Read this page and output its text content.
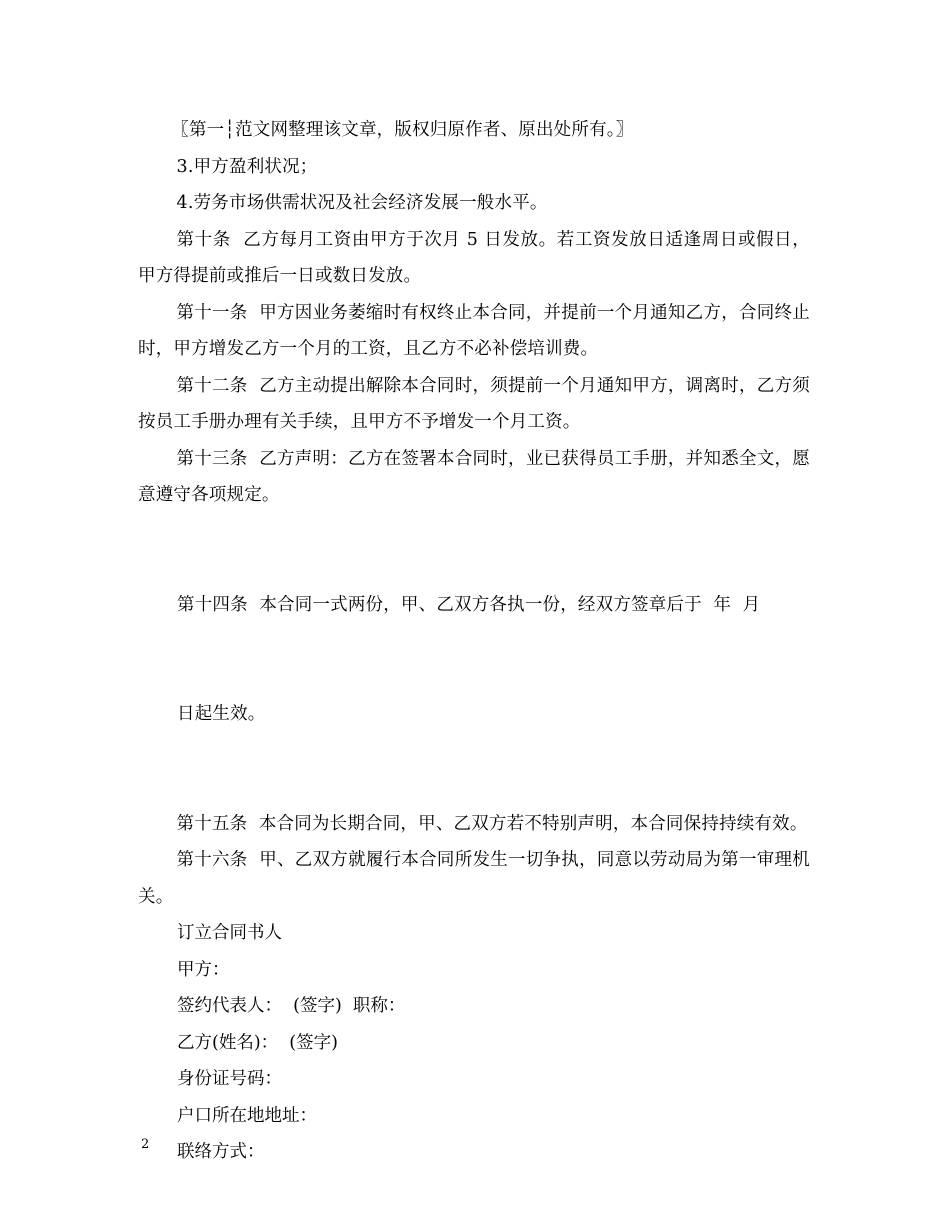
〖第一┆范文网整理该文章，版权归原作者、原出处所有。〗

3.甲方盈利状况；

4.劳务市场供需状况及社会经济发展一般水平。

第十条  乙方每月工资由甲方于次月 5 日发放。若工资发放日适逢周日或假日，甲方得提前或推后一日或数日发放。

第十一条  甲方因业务萎缩时有权终止本合同，并提前一个月通知乙方，合同终止时，甲方增发乙方一个月的工资，且乙方不必补偿培训费。

第十二条  乙方主动提出解除本合同时，须提前一个月通知甲方，调离时，乙方须按员工手册办理有关手续，且甲方不予增发一个月工资。

第十三条  乙方声明：乙方在签署本合同时，业已获得员工手册，并知悉全文，愿意遵守各项规定。

第十四条  本合同一式两份，甲、乙双方各执一份，经双方签章后于  年  月

日起生效。

第十五条  本合同为长期合同，甲、乙双方若不特别声明，本合同保持持续有效。

第十六条  甲、乙双方就履行本合同所发生一切争执，同意以劳动局为第一审理机关。

订立合同书人

甲方：

签约代表人：  (签字)  职称：

乙方(姓名)：  (签字)

身份证号码：

户口所在地地址：

联络方式：

2
